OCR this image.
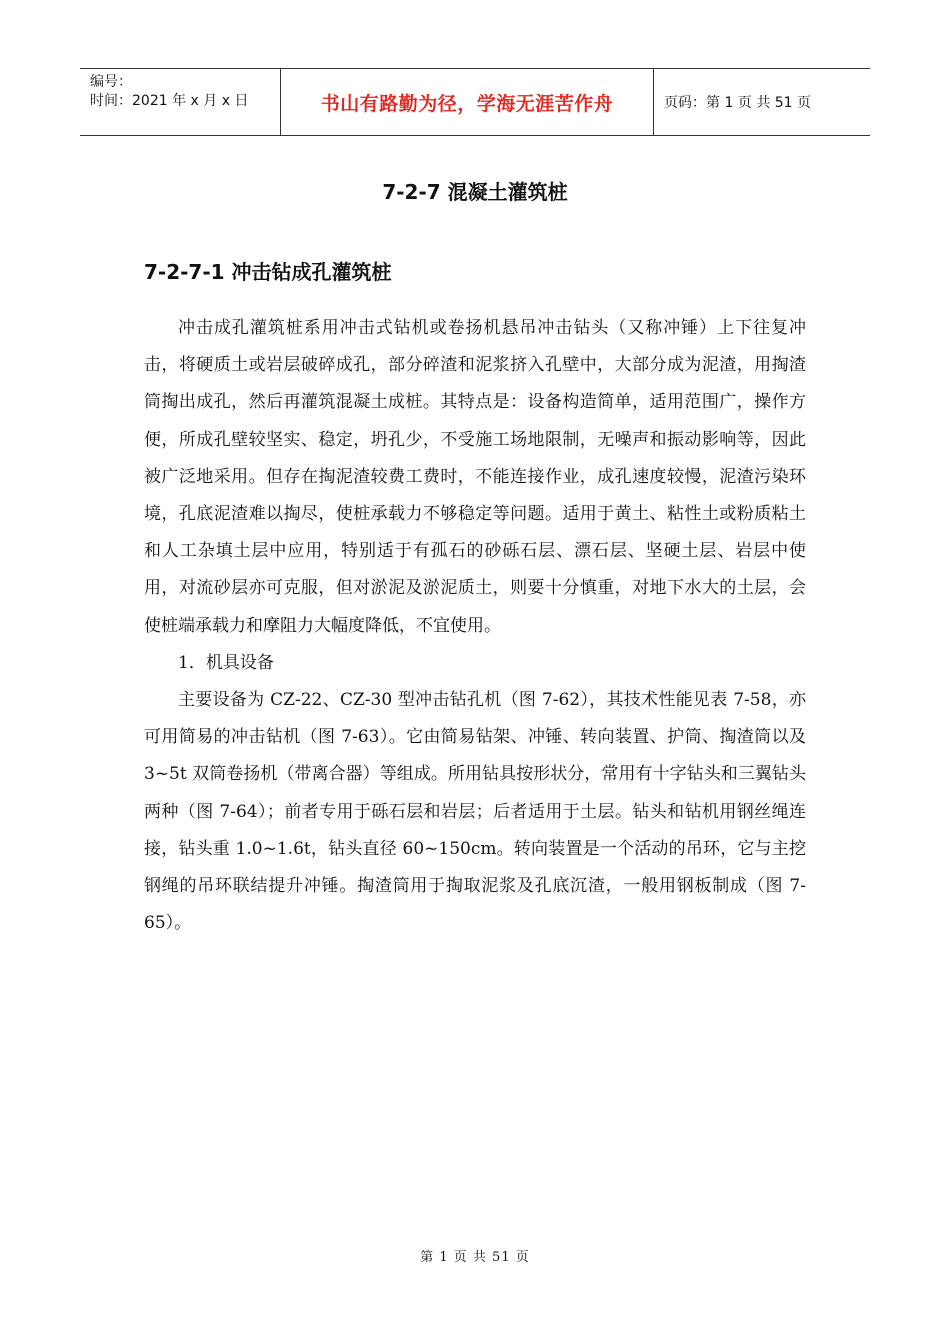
编号：
时间：2021 年 x 月 x 日	书山有路勤为径，学海无涯苦作舟	页码：第 1 页 共 51 页
7-2-7 混凝土灌筑桩
7-2-7-1 冲击钻成孔灌筑桩

冲击成孔灌筑桩系用冲击式钻机或卷扬机悬吊冲击钻头（又称冲锤）上下往复冲击，将硬质土或岩层破碎成孔，部分碎渣和泥浆挤入孔壁中，大部分成为泥渣，用掏渣筒掏出成孔，然后再灌筑混凝土成桩。其特点是：设备构造简单，适用范围广，操作方便，所成孔壁较坚实、稳定，坍孔少，不受施工场地限制，无噪声和振动影响等，因此被广泛地采用。但存在掏泥渣较费工费时，不能连接作业，成孔速度较慢，泥渣污染环境，孔底泥渣难以掏尽，使桩承载力不够稳定等问题。适用于黄土、粘性土或粉质粘土和人工杂填土层中应用，特别适于有孤石的砂砾石层、漂石层、坚硬土层、岩层中使用，对流砂层亦可克服，但对淤泥及淤泥质土，则要十分慎重，对地下水大的土层，会使桩端承载力和摩阻力大幅度降低，不宜使用。

1．机具设备

主要设备为 CZ-22、CZ-30 型冲击钻孔机（图 7-62），其技术性能见表 7-58，亦可用简易的冲击钻机（图 7-63）。它由简易钻架、冲锤、转向装置、护筒、掏渣筒以及 3~5t 双筒卷扬机（带离合器）等组成。所用钻具按形状分，常用有十字钻头和三翼钻头两种（图 7-64）；前者专用于砾石层和岩层；后者适用于土层。钻头和钻机用钢丝绳连接，钻头重 1.0~1.6t，钻头直径 60~150cm。转向装置是一个活动的吊环，它与主挖钢绳的吊环联结提升冲锤。掏渣筒用于掏取泥浆及孔底沉渣，一般用钢板制成（图 7-65）。

第 1 页 共 51 页
